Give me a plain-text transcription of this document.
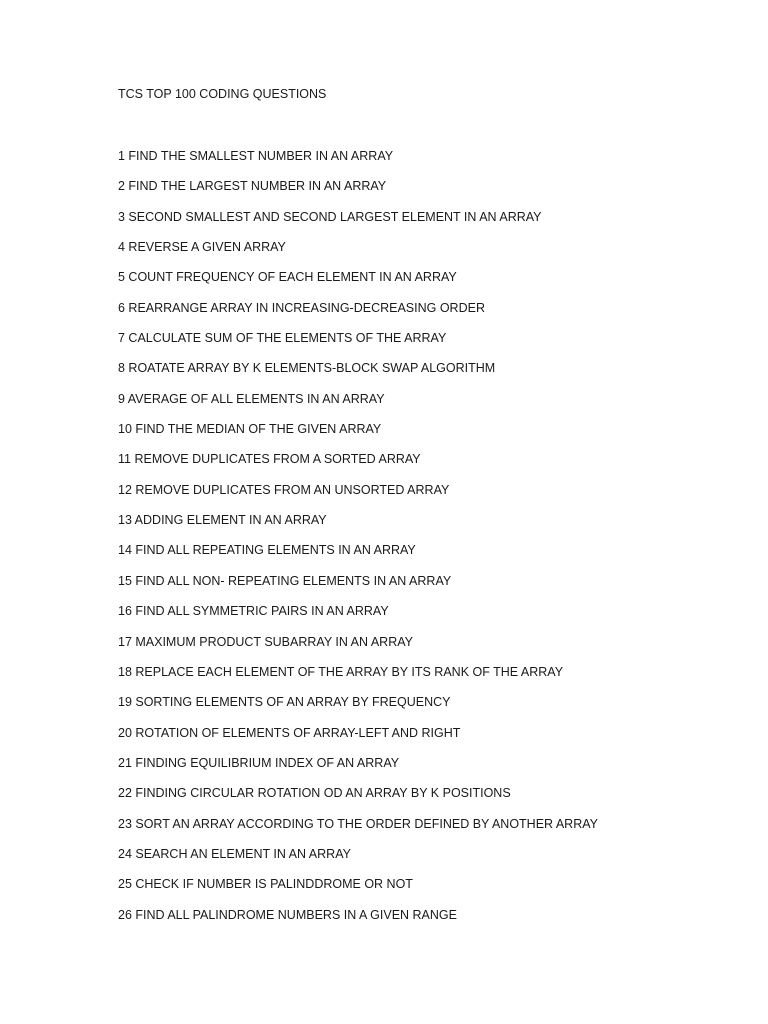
TCS TOP 100 CODING QUESTIONS
1 FIND THE SMALLEST NUMBER IN AN ARRAY
2 FIND THE LARGEST NUMBER IN AN ARRAY
3 SECOND SMALLEST AND SECOND LARGEST ELEMENT IN AN ARRAY
4 REVERSE A GIVEN ARRAY
5 COUNT FREQUENCY OF EACH ELEMENT IN AN ARRAY
6 REARRANGE ARRAY IN INCREASING-DECREASING ORDER
7 CALCULATE SUM OF THE ELEMENTS OF THE ARRAY
8 ROATATE ARRAY BY K ELEMENTS-BLOCK SWAP ALGORITHM
9 AVERAGE OF ALL ELEMENTS IN AN ARRAY
10 FIND THE MEDIAN OF THE GIVEN ARRAY
11 REMOVE DUPLICATES FROM A SORTED ARRAY
12 REMOVE DUPLICATES FROM AN UNSORTED ARRAY
13 ADDING ELEMENT IN AN ARRAY
14 FIND ALL REPEATING ELEMENTS IN AN ARRAY
15 FIND ALL NON- REPEATING ELEMENTS IN AN ARRAY
16 FIND ALL SYMMETRIC PAIRS IN AN ARRAY
17 MAXIMUM PRODUCT SUBARRAY IN AN ARRAY
18 REPLACE EACH ELEMENT OF THE ARRAY BY ITS RANK OF THE ARRAY
19 SORTING ELEMENTS OF AN ARRAY BY FREQUENCY
20 ROTATION OF ELEMENTS OF ARRAY-LEFT AND RIGHT
21 FINDING EQUILIBRIUM INDEX OF AN ARRAY
22 FINDING CIRCULAR ROTATION OD AN ARRAY BY K POSITIONS
23 SORT AN ARRAY ACCORDING TO THE ORDER DEFINED BY ANOTHER ARRAY
24 SEARCH AN ELEMENT IN AN ARRAY
25 CHECK IF NUMBER IS PALINDDROME OR NOT
26 FIND ALL PALINDROME NUMBERS IN A GIVEN RANGE
